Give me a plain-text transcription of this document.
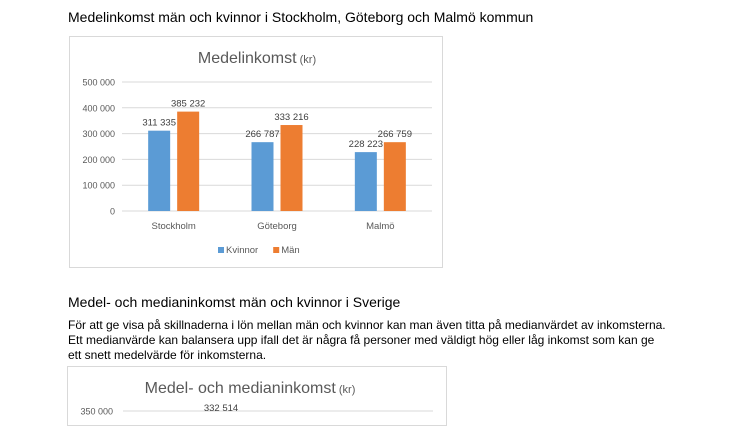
Medelinkomst män och kvinnor i Stockholm, Göteborg och Malmö kommun
Medelinkomst (kr)
0
100 000
200 000
300 000
400 000
500 000
311 335
385 232
Stockholm
266 787
333 216
Göteborg
228 223
266 759
Malmö
Kvinnor Män
Medel- och medianinkomst män och kvinnor i Sverige
För att ge visa på skillnaderna i lön mellan män och kvinnor kan man även titta på medianvärdet av inkomsterna. Ett medianvärde kan balansera upp ifall det är några få personer med väldigt hög eller låg inkomst som kan ge ett snett medelvärde för inkomsterna.
Medel- och medianinkomst (kr)
350 000	332 514
